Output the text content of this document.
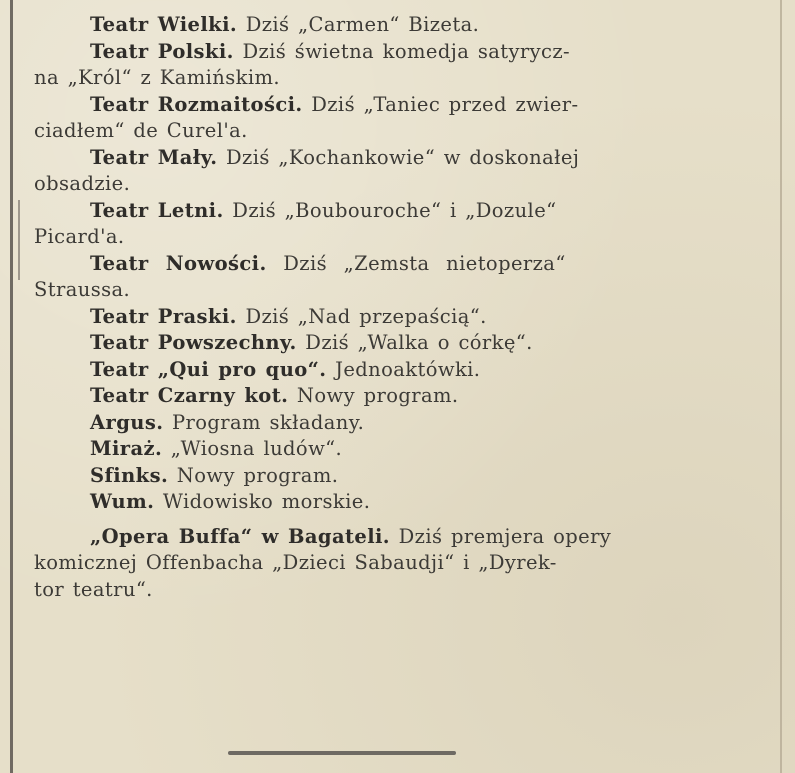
Teatr Wielki. Dziś „Carmen“ Bizeta.
Teatr Polski. Dziś świetna komedja satyrycz-
na „Król“ z Kamińskim.
Teatr Rozmaitości. Dziś „Taniec przed zwier-
ciadłem“ de Curel'a.
Teatr Mały. Dziś „Kochankowie“ w doskonałej
obsadzie.
Teatr Letni. Dziś „Boubouroche“ i „Dozule“
Picard'a.
Teatr Nowości. Dziś „Zemsta nietoperza“
Straussa.
Teatr Praski. Dziś „Nad przepaścią“.
Teatr Powszechny. Dziś „Walka o córkę“.
Teatr „Qui pro quo“. Jednoaktówki.
Teatr Czarny kot. Nowy program.
Argus. Program składany.
Miraż. „Wiosna ludów“.
Sfinks. Nowy program.
Wum. Widowisko morskie.
„Opera Buffa“ w Bagateli. Dziś premjera opery
komicznej Offenbacha „Dzieci Sabaudji“ i „Dyrek-
tor teatru“.
